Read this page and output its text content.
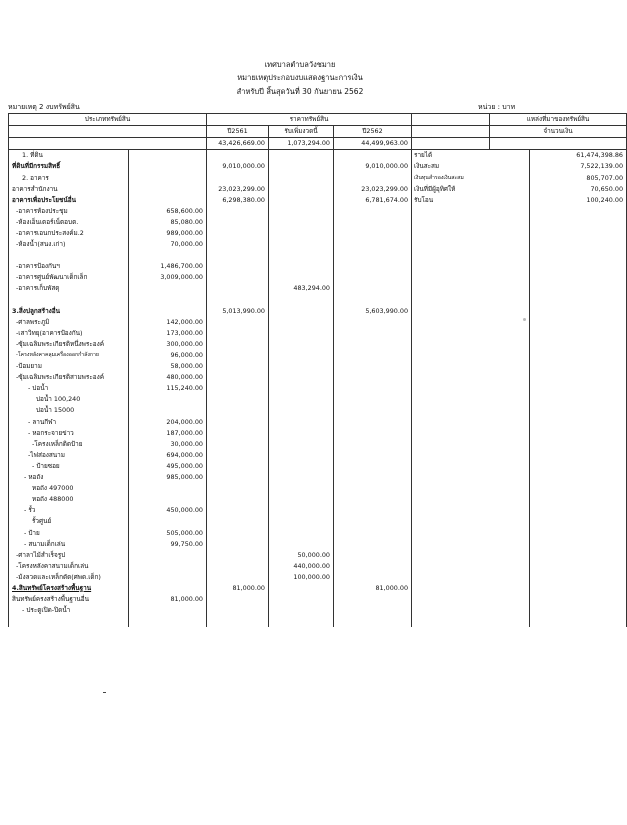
เทศบาลตำบลวังชมาย
หมายเหตุประกอบงบแสดงฐานะการเงิน
สำหรับปี สิ้นสุดวันที่ 30 กันยายน 2562
หมายเหตุ 2 งบทรัพย์สิน	หน่วย : บาท
ประเภททรัพย์สิน		ราคาทรัพย์สิน				แหล่งที่มาของทรัพย์สิน	
		ปี2561	รับเพิ่มงวดนี้	ปี2562		จำนวนเงิน	
		43,426,669.00	1,073,294.00	44,499,963.00			
1. ที่ดิน					รายได้		61,474,398.86
ที่ดินที่มีกรรมสิทธิ์		9,010,000.00		9,010,000.00	เงินสะสม		7,522,139.00
2. อาคาร					เงินทุนสำรองเงินสะสม		805,707.00
อาคารสำนักงาน		23,023,299.00		23,023,299.00	เงินที่มีผู้อุทิศให้		70,650.00
อาคารเพื่อประโยชน์อื่น		6,298,380.00		6,781,674.00	รับโอน		100,240.00
-อาคารห้องประชุม	658,600.00						
-ห้องเอ็นเตอร์เน็ตอบต.	85,080.00						
-อาคารเอนกประสงค์ม.2	989,000.00						
-ห้องน้ำ(สนง.เก่า)	70,000.00						

-อาคารป้องกันฯ	1,486,700.00						
-อาคารศูนย์พัฒนาเด็กเล็ก	3,009,000.00						
-อาคารเก็บพัสดุ			483,294.00				

3.สิ่งปลูกสร้างอื่น		5,013,990.00		5,603,990.00			
-ศาลพระภูมิ	142,000.00						
-เสาวิทยุ(อาคารป้องกัน)	173,000.00						
-ซุ้มเฉลิมพระเกียรติหนึ่งพระองค์	300,000.00						
-โครงหลังคาคลุมเครื่องออกกำลังกาย	96,000.00						
-ป้อมยาม	58,000.00						
-ซุ้มเฉลิมพระเกียรติสามพระองค์	480,000.00						
- บ่อน้ำ	115,240.00						
บ่อน้ำ 100,240							
บ่อน้ำ 15000							
- ลานกีฬา	204,000.00						
- หอกระจายข่าว	187,000.00						
-โครงเหล็กติดป้าย	30,000.00						
-ไฟส่องสนาม	694,000.00						
- ป้ายซอย	495,000.00						
- หอถัง	985,000.00						
หอถัง 497000							
หอถัง 488000							
- รั้ว	450,000.00						
รั้วศูนย์							
- ป้าย	505,000.00						
- สนามเด็กเล่น	99,750.00						
-ศาลาไม้สำเร็จรูป			50,000.00				
-โครงหลังคาสนามเด็กเล่น			440,000.00				
-ม้งลวดและเหล็กดัด(ศพด.เด็ก)			100,000.00				
4.สินทรัพย์โครงสร้างพื้นฐาน		81,000.00		81,000.00			
สินทรัพย์ครงสร้างพื้นฐานอื่น	81,000.00						
- ประตูเปิด-ปิดน้ำ							
